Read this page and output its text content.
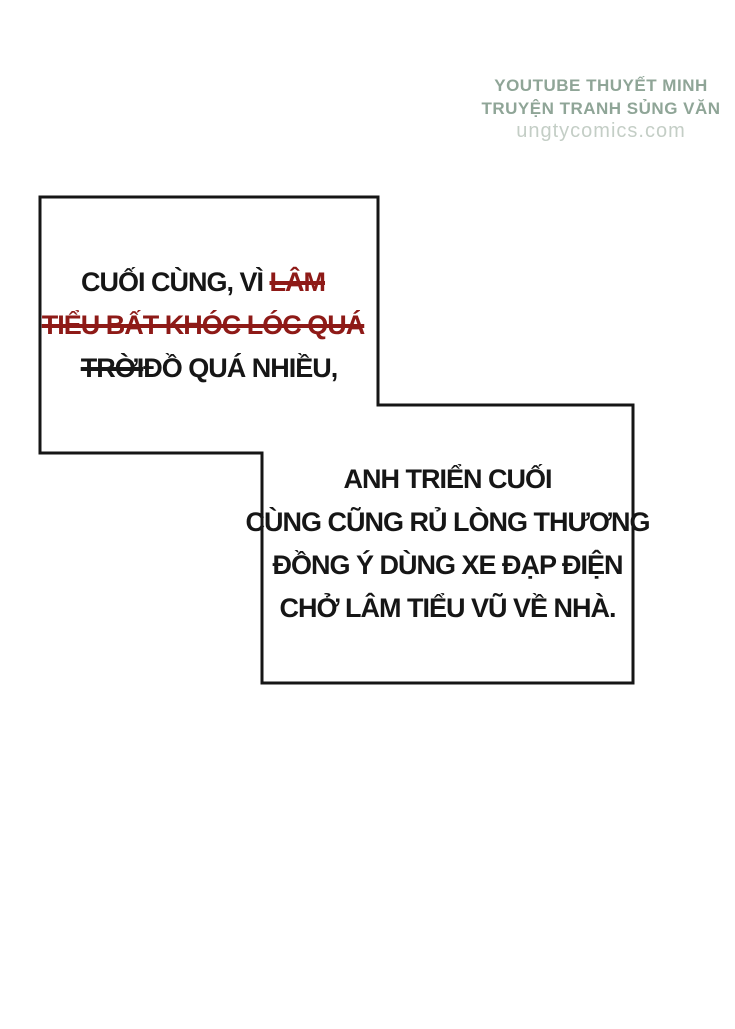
YOUTUBE THUYẾT MINH
TRUYỆN TRANH SỦNG VĂN
ungtycomics.com
CUỐI CÙNG, VÌ LÂM
TIỂU BẤT KHÓC LÓC QUÁ
TRỜIĐỒ QUÁ NHIỀU,
ANH TRIỂN CUỐI
CÙNG CŨNG RỦ LÒNG THƯƠNG
ĐỒNG Ý DÙNG XE ĐẠP ĐIỆN
CHỞ LÂM TIỂU VŨ VỀ NHÀ.
